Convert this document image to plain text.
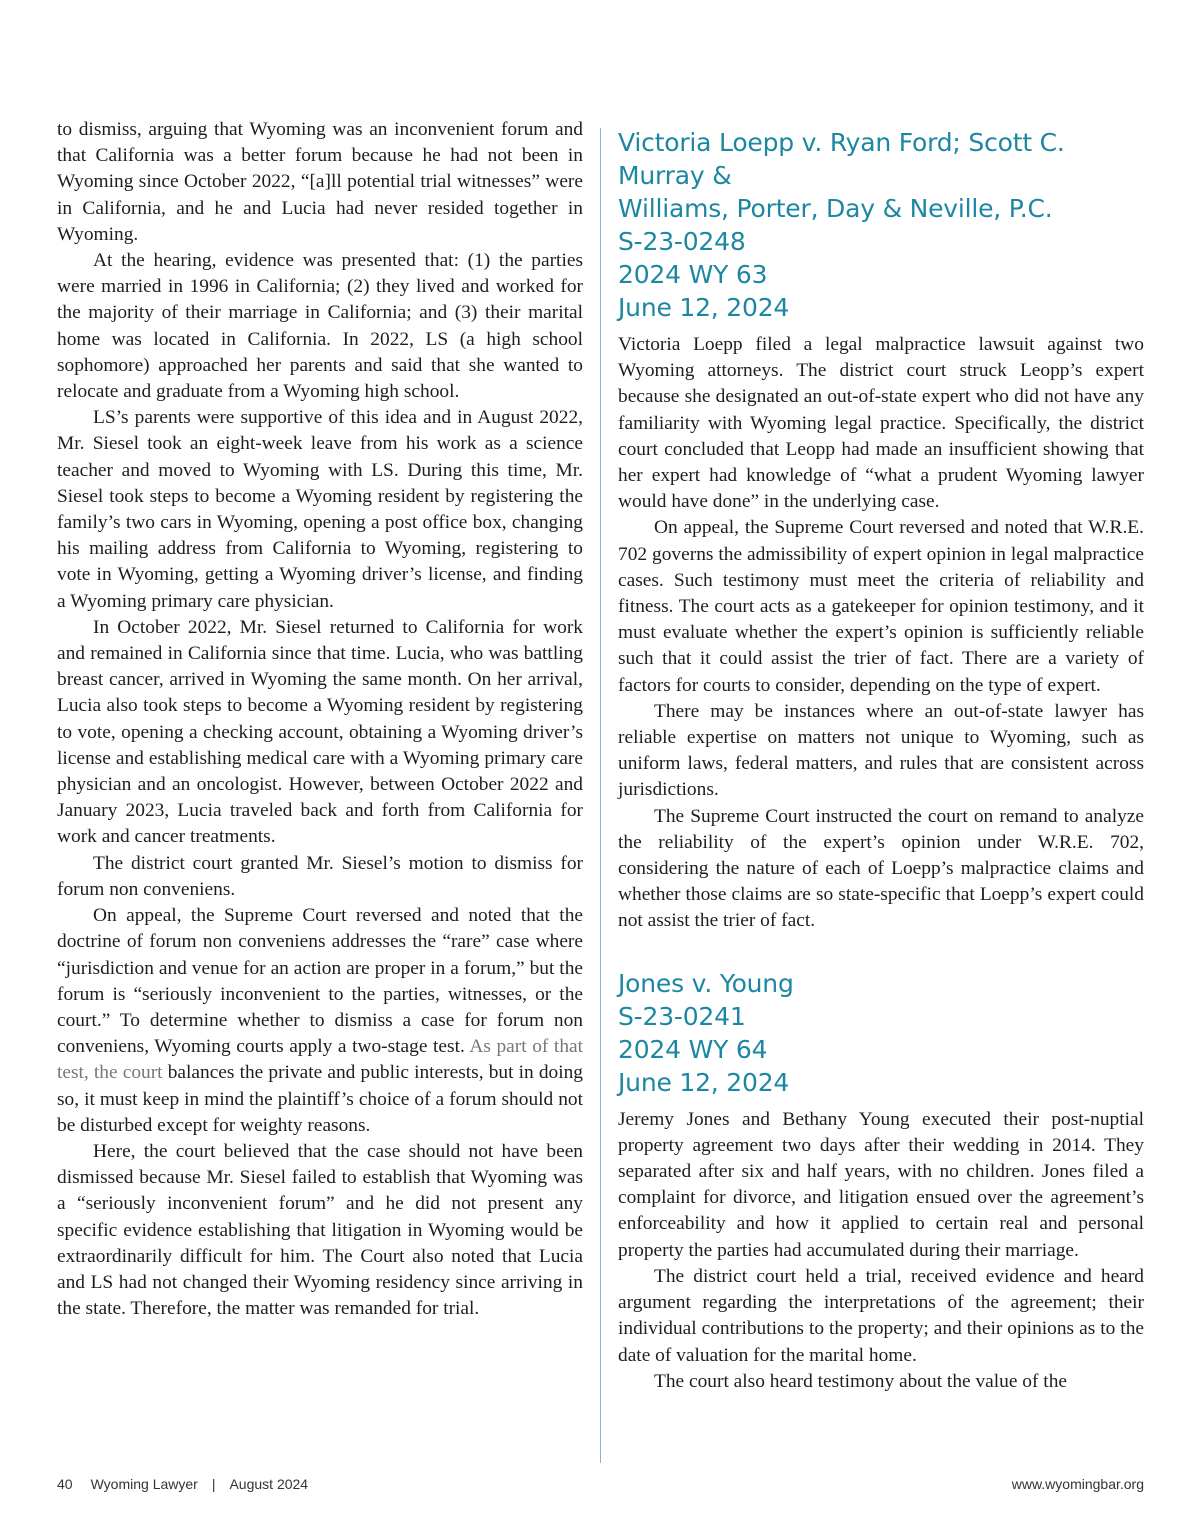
to dismiss, arguing that Wyoming was an inconvenient forum and that California was a better forum because he had not been in Wyoming since October 2022, “[a]ll potential trial witnesses” were in California, and he and Lucia had never resided together in Wyoming.

At the hearing, evidence was presented that: (1) the parties were married in 1996 in California; (2) they lived and worked for the majority of their marriage in California; and (3) their marital home was located in California. In 2022, LS (a high school sophomore) approached her parents and said that she wanted to relocate and graduate from a Wyoming high school.

LS’s parents were supportive of this idea and in August 2022, Mr. Siesel took an eight-week leave from his work as a science teacher and moved to Wyoming with LS. During this time, Mr. Siesel took steps to become a Wyoming resident by registering the family’s two cars in Wyoming, opening a post office box, changing his mailing address from California to Wyoming, registering to vote in Wyoming, getting a Wyoming driver’s license, and finding a Wyoming primary care physician.

In October 2022, Mr. Siesel returned to California for work and remained in California since that time. Lucia, who was battling breast cancer, arrived in Wyoming the same month. On her arrival, Lucia also took steps to become a Wyoming resident by registering to vote, opening a checking account, obtaining a Wyoming driver’s license and establishing medical care with a Wyoming primary care physician and an oncologist. However, between October 2022 and January 2023, Lucia traveled back and forth from California for work and cancer treatments.

The district court granted Mr. Siesel’s motion to dismiss for forum non conveniens.

On appeal, the Supreme Court reversed and noted that the doctrine of forum non conveniens addresses the “rare” case where “jurisdiction and venue for an action are proper in a forum,” but the forum is “seriously inconvenient to the parties, witnesses, or the court.” To determine whether to dismiss a case for forum non conveniens, Wyoming courts apply a two-stage test. As part of that test, the court balances the private and public interests, but in doing so, it must keep in mind the plaintiff’s choice of a forum should not be disturbed except for weighty reasons.

Here, the court believed that the case should not have been dismissed because Mr. Siesel failed to establish that Wyoming was a “seriously inconvenient forum” and he did not present any specific evidence establishing that litigation in Wyoming would be extraordinarily difficult for him. The Court also noted that Lucia and LS had not changed their Wyoming residency since arriving in the state. Therefore, the matter was remanded for trial.

Victoria Loepp v. Ryan Ford; Scott C. Murray &
Williams, Porter, Day & Neville, P.C.
S-23-0248
2024 WY 63
June 12, 2024

Victoria Loepp filed a legal malpractice lawsuit against two Wyoming attorneys. The district court struck Leopp’s expert because she designated an out-of-state expert who did not have any familiarity with Wyoming legal practice. Specifically, the district court concluded that Leopp had made an insufficient showing that her expert had knowledge of “what a prudent Wyoming lawyer would have done” in the underlying case.

On appeal, the Supreme Court reversed and noted that W.R.E. 702 governs the admissibility of expert opinion in legal malpractice cases. Such testimony must meet the criteria of reliability and fitness. The court acts as a gatekeeper for opinion testimony, and it must evaluate whether the expert’s opinion is sufficiently reliable such that it could assist the trier of fact. There are a variety of factors for courts to consider, depending on the type of expert.

There may be instances where an out-of-state lawyer has reliable expertise on matters not unique to Wyoming, such as uniform laws, federal matters, and rules that are consistent across jurisdictions.

The Supreme Court instructed the court on remand to analyze the reliability of the expert’s opinion under W.R.E. 702, considering the nature of each of Loepp’s malpractice claims and whether those claims are so state-specific that Loepp’s expert could not assist the trier of fact.

Jones v. Young
S-23-0241
2024 WY 64
June 12, 2024

Jeremy Jones and Bethany Young executed their post-nuptial property agreement two days after their wedding in 2014. They separated after six and half years, with no children. Jones filed a complaint for divorce, and litigation ensued over the agreement’s enforceability and how it applied to certain real and personal property the parties had accumulated during their marriage.

The district court held a trial, received evidence and heard argument regarding the interpretations of the agreement; their individual contributions to the property; and their opinions as to the date of valuation for the marital home.

The court also heard testimony about the value of the

40 Wyoming Lawyer | August 2024	www.wyomingbar.org
